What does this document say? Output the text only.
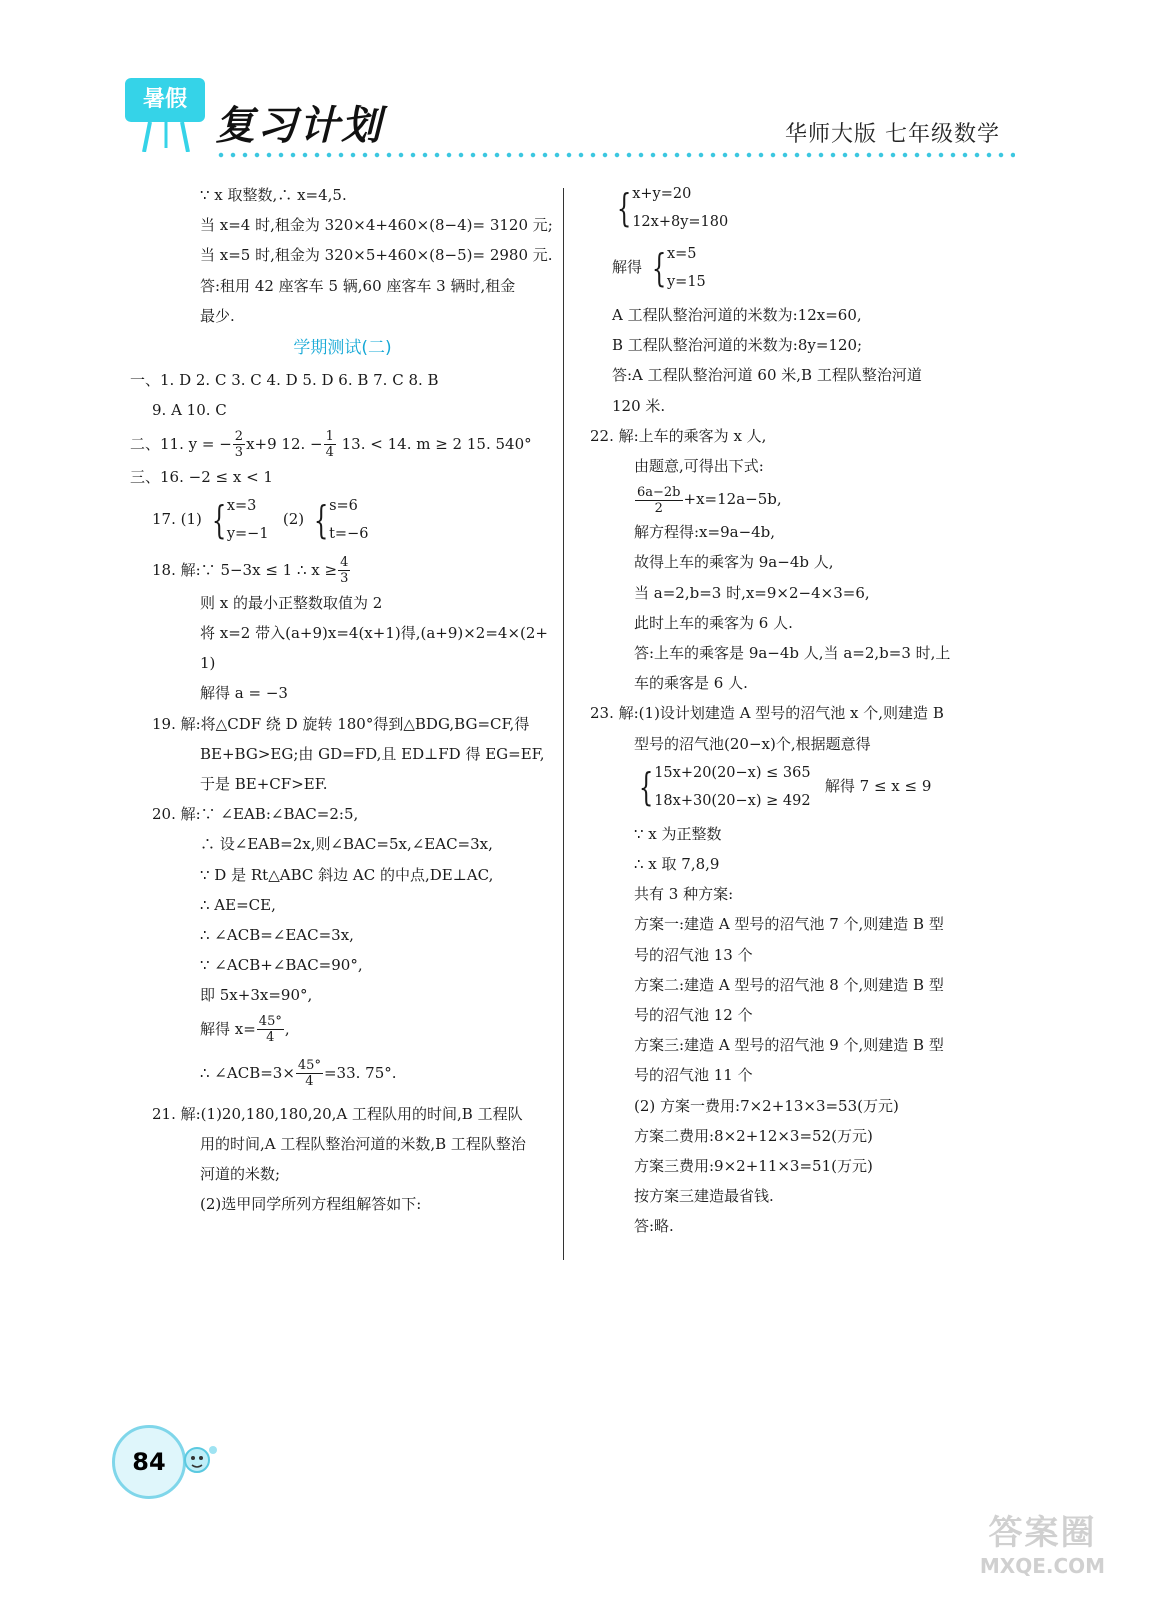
暑假
复习计划	华师大版 七年级数学
∵ x 取整数,∴ x=4,5.
当 x=4 时,租金为 320×4+460×(8−4)= 3120 元;
当 x=5 时,租金为 320×5+460×(8−5)= 2980 元.
答:租用 42 座客车 5 辆,60 座客车 3 辆时,租金
最少.
学期测试(二)
一、1. D 2. C 3. C 4. D 5. D 6. B 7. C 8. B
9. A 10. C
二、11. y = − $\frac{2}{3} x+9$ 12. − $\frac{1}{4} 13$. < 14. m ≥ 2 15. 540°
三、16. −2 ≤ x < 1
17. (1) { x=3
y=−1
(2) { s=6
t=−6
18. 解:∵ 5−3x ≤ 1 ∴ $x \ge \frac{4}{3}$
则 x 的最小正整数取值为 2
将 x=2 带入(a+9)x=4(x+1)得,(a+9)×2=4×(2+
1)
解得 a = −3
19. 解:将△CDF 绕 D 旋转 180°得到△BDG,BG=CF,得
BE+BG>EG;由 GD=FD,且 ED⊥FD 得 EG=EF,
于是 BE+CF>EF.
20. 解:∵ ∠EAB:∠BAC=2:5,
∴ 设∠EAB=2x,则∠BAC=5x,∠EAC=3x,
∵ D 是 Rt△ABC 斜边 AC 的中点,DE⊥AC,
∴ AE=CE,
∴ ∠ACB=∠EAC=3x,
∵ ∠ACB+∠BAC=90°,
即 5x+3x=90°,
解得 $x= \frac{45^\circ}{4}$ ,
∴ ∠ACB=3× $\frac{45^\circ}{4} =33$. 75°.
21. 解:(1)20,180,180,20,A 工程队用的时间,B 工程队
用的时间,A 工程队整治河道的米数,B 工程队整治
河道的米数;
(2)选甲同学所列方程组解答如下:
{ x+y=20
12x+8y=180
解得 { x=5
y=15
A 工程队整治河道的米数为:12x=60,
B 工程队整治河道的米数为:8y=120;
答:A 工程队整治河道 60 米,B 工程队整治河道
120 米.
22. 解:上车的乘客为 x 人,
由题意,可得出下式:
$\frac{6a-2b}{2} +x=12a-5b$,
解方程得:x=9a−4b,
故得上车的乘客为 9a−4b 人,
当 a=2,b=3 时,x=9×2−4×3=6,
此时上车的乘客为 6 人.
答:上车的乘客是 9a−4b 人,当 a=2,b=3 时,上
车的乘客是 6 人.
23. 解:(1)设计划建造 A 型号的沼气池 x 个,则建造 B
型号的沼气池(20−x)个,根据题意得
{ 15x+20(20−x) ≤ 365
18x+30(20−x) ≥ 492
解得 7 ≤ x ≤ 9
∵ x 为正整数
∴ x 取 7,8,9
共有 3 种方案:
方案一:建造 A 型号的沼气池 7 个,则建造 B 型
号的沼气池 13 个
方案二:建造 A 型号的沼气池 8 个,则建造 B 型
号的沼气池 12 个
方案三:建造 A 型号的沼气池 9 个,则建造 B 型
号的沼气池 11 个
(2) 方案一费用:7×2+13×3=53(万元)
方案二费用:8×2+12×3=52(万元)
方案三费用:9×2+11×3=51(万元)
按方案三建造最省钱.
答:略.
84
答案圈
MXQE.COM
